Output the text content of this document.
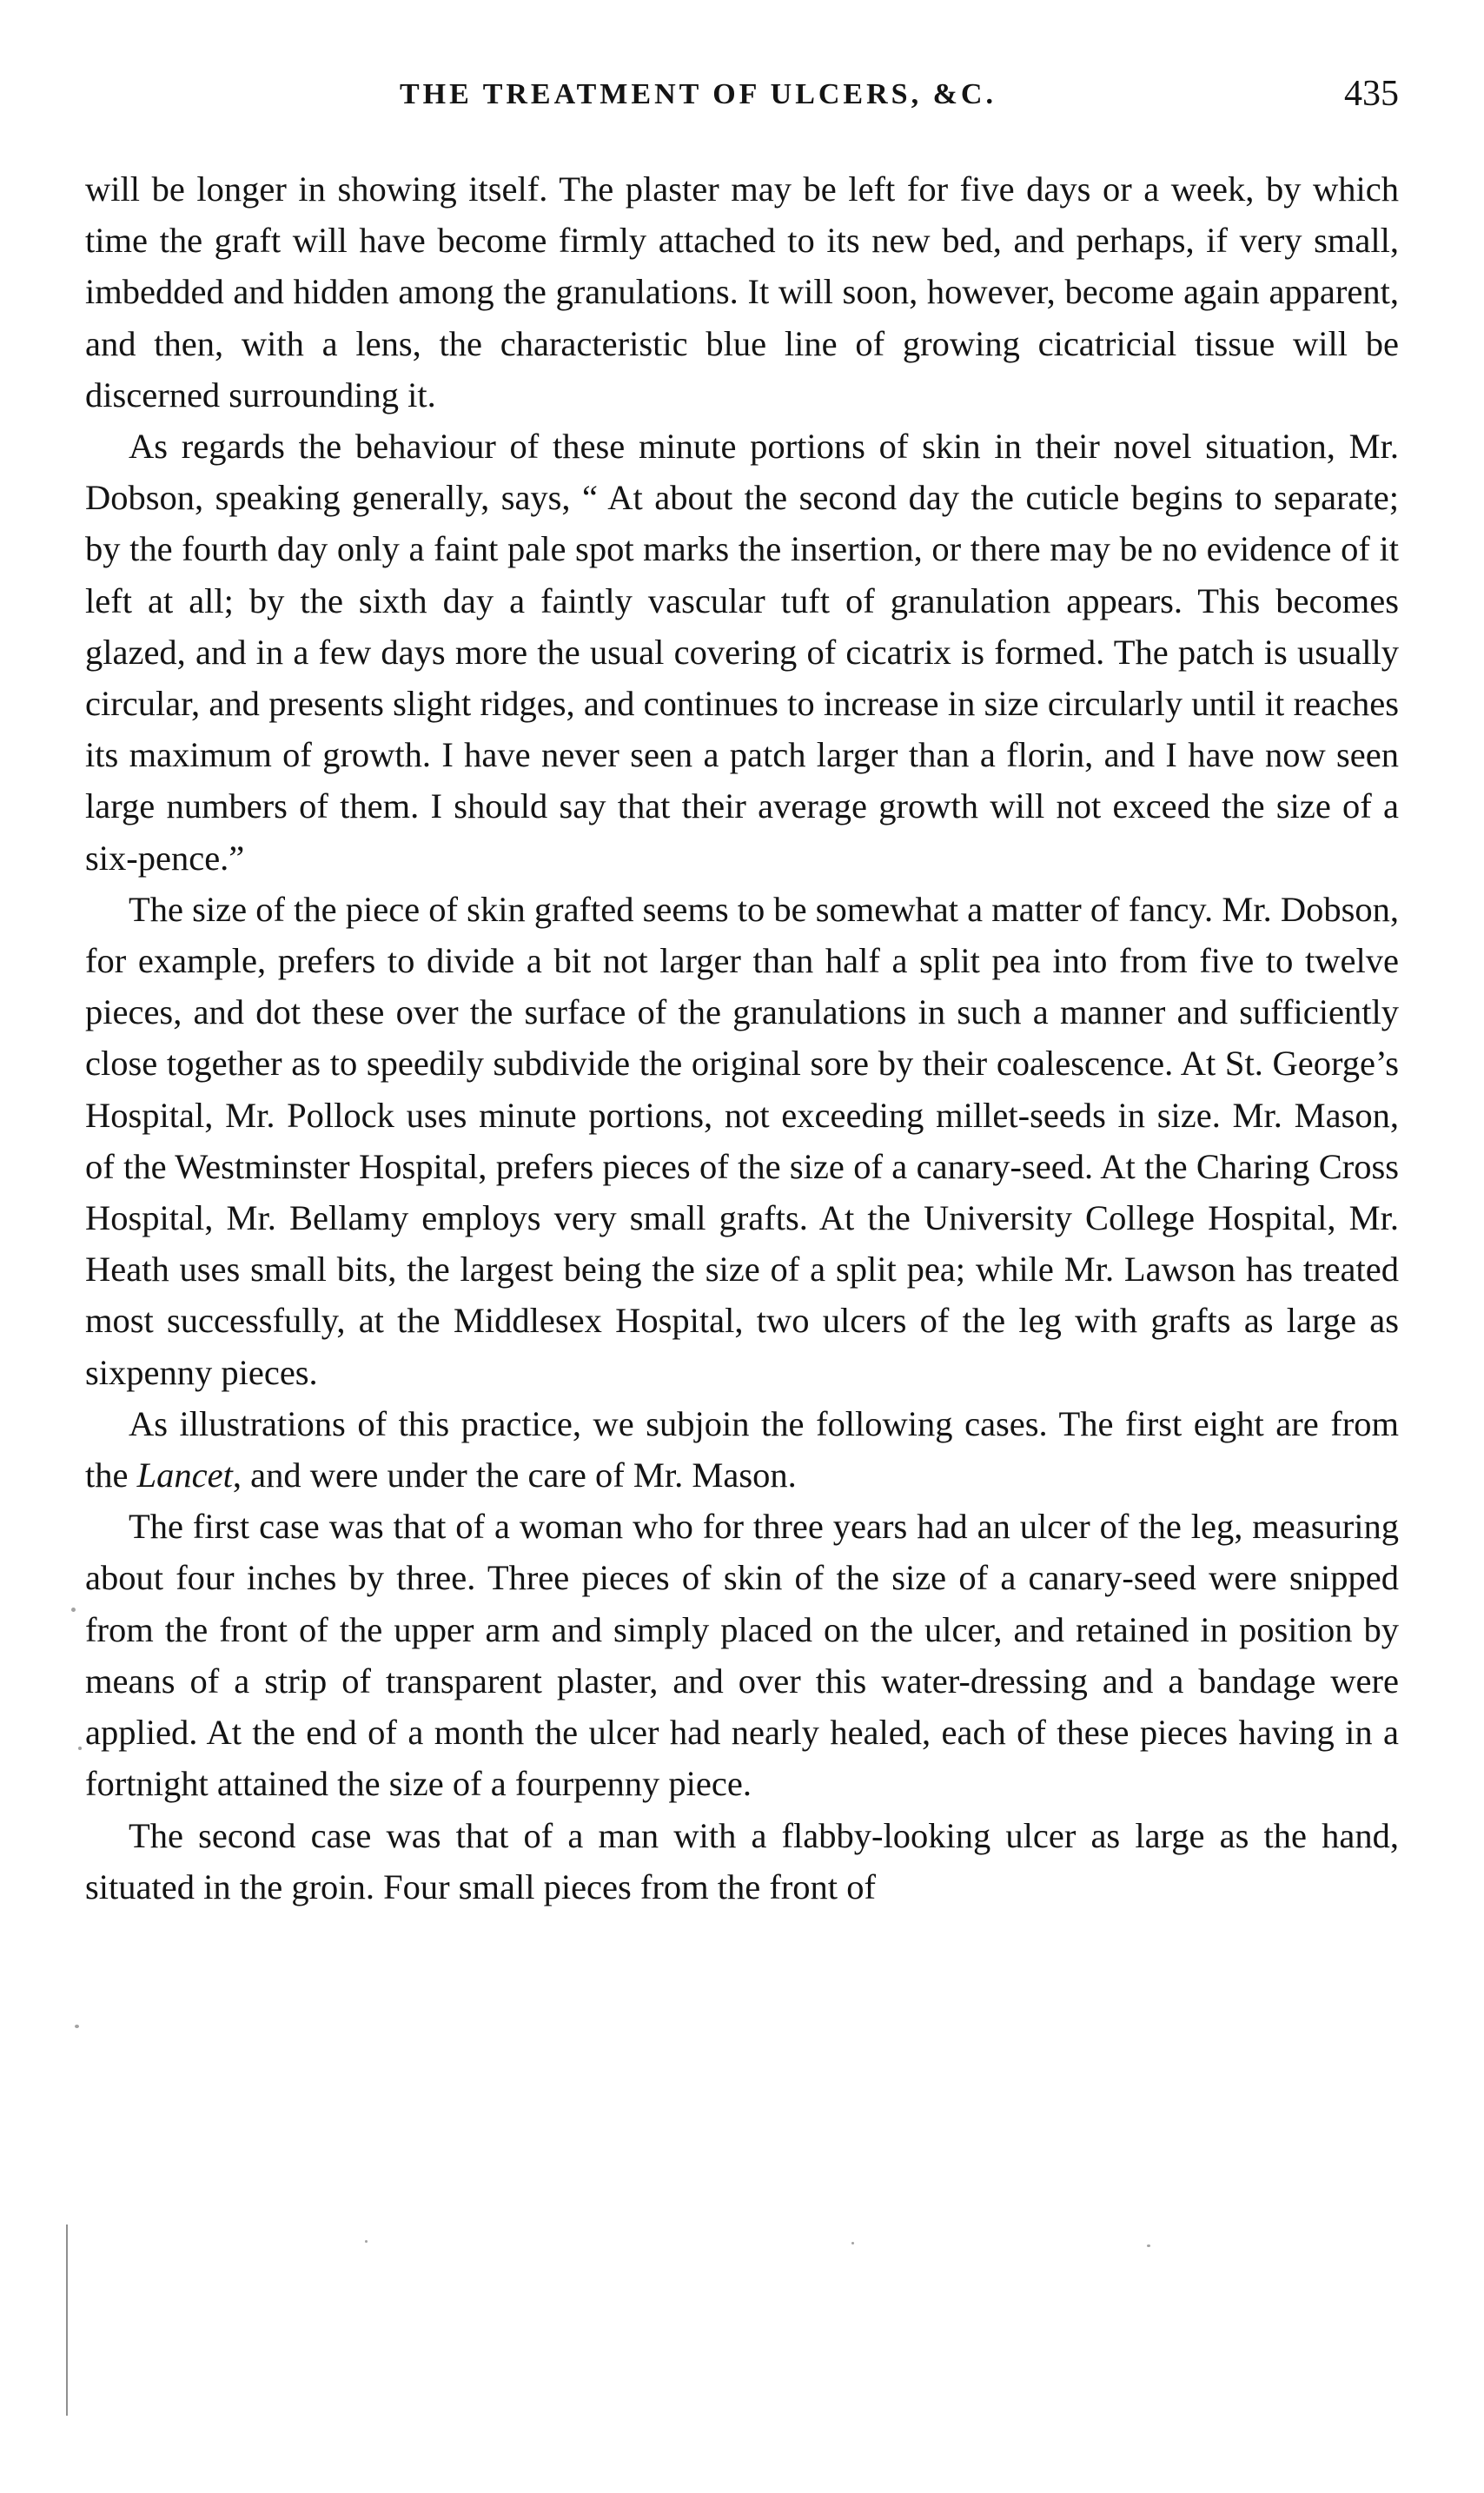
THE TREATMENT OF ULCERS, &C.	435

will be longer in showing itself. The plaster may be left for five days or a week, by which time the graft will have become firmly attached to its new bed, and perhaps, if very small, imbedded and hidden among the granulations. It will soon, however, become again apparent, and then, with a lens, the characteristic blue line of growing cicatricial tissue will be discerned surrounding it.

As regards the behaviour of these minute portions of skin in their novel situation, Mr. Dobson, speaking generally, says, “ At about the second day the cuticle begins to separate; by the fourth day only a faint pale spot marks the insertion, or there may be no evidence of it left at all; by the sixth day a faintly vascular tuft of granulation appears. This becomes glazed, and in a few days more the usual covering of cicatrix is formed. The patch is usually circular, and presents slight ridges, and continues to increase in size circularly until it reaches its maximum of growth. I have never seen a patch larger than a florin, and I have now seen large numbers of them. I should say that their average growth will not exceed the size of a six-pence.”

The size of the piece of skin grafted seems to be somewhat a matter of fancy. Mr. Dobson, for example, prefers to divide a bit not larger than half a split pea into from five to twelve pieces, and dot these over the surface of the granulations in such a manner and sufficiently close together as to speedily subdivide the original sore by their coalescence. At St. George’s Hospital, Mr. Pollock uses minute portions, not exceeding millet-seeds in size. Mr. Mason, of the Westminster Hospital, prefers pieces of the size of a canary-seed. At the Charing Cross Hospital, Mr. Bellamy employs very small grafts. At the University College Hospital, Mr. Heath uses small bits, the largest being the size of a split pea; while Mr. Lawson has treated most successfully, at the Middlesex Hospital, two ulcers of the leg with grafts as large as sixpenny pieces.

As illustrations of this practice, we subjoin the following cases. The first eight are from the Lancet, and were under the care of Mr. Mason.

The first case was that of a woman who for three years had an ulcer of the leg, measuring about four inches by three. Three pieces of skin of the size of a canary-seed were snipped from the front of the upper arm and simply placed on the ulcer, and retained in position by means of a strip of transparent plaster, and over this water-dressing and a bandage were applied. At the end of a month the ulcer had nearly healed, each of these pieces having in a fortnight attained the size of a fourpenny piece.

The second case was that of a man with a flabby-looking ulcer as large as the hand, situated in the groin. Four small pieces from the front of
